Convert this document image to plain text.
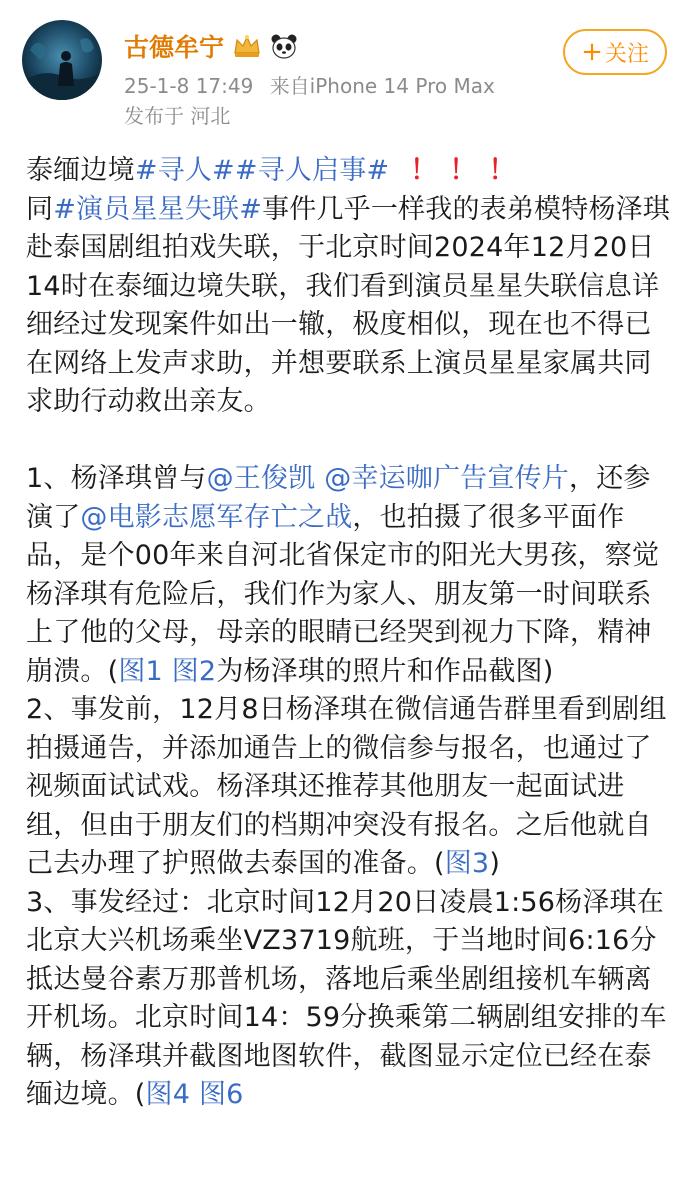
古德牟宁
25-1-8 17:49 来自iPhone 14 Pro Max
发布于 河北
+ 关注

泰缅边境#寻人##寻人启事# ！ ！ ！
同#演员星星失联#事件几乎一样我的表弟模特杨泽琪赴泰国剧组拍戏失联，于北京时间2024年12月20日14时在泰缅边境失联，我们看到演员星星失联信息详细经过发现案件如出一辙，极度相似，现在也不得已在网络上发声求助，并想要联系上演员星星家属共同求助行动救出亲友。

1、杨泽琪曾与@王俊凯 @幸运咖广告宣传片，还参演了@电影志愿军存亡之战，也拍摄了很多平面作品，是个00年来自河北省保定市的阳光大男孩，察觉杨泽琪有危险后，我们作为家人、朋友第一时间联系上了他的父母，母亲的眼睛已经哭到视力下降，精神崩溃。(图1 图2为杨泽琪的照片和作品截图)

2、事发前，12月8日杨泽琪在微信通告群里看到剧组拍摄通告，并添加通告上的微信参与报名，也通过了视频面试试戏。杨泽琪还推荐其他朋友一起面试进组，但由于朋友们的档期冲突没有报名。之后他就自己去办理了护照做去泰国的准备。(图3)

3、事发经过：北京时间12月20日凌晨1:56杨泽琪在北京大兴机场乘坐VZ3719航班，于当地时间6:16分抵达曼谷素万那普机场，落地后乘坐剧组接机车辆离开机场。北京时间14：59分换乘第二辆剧组安排的车辆，杨泽琪并截图地图软件，截图显示定位已经在泰缅边境。(图4 图6
